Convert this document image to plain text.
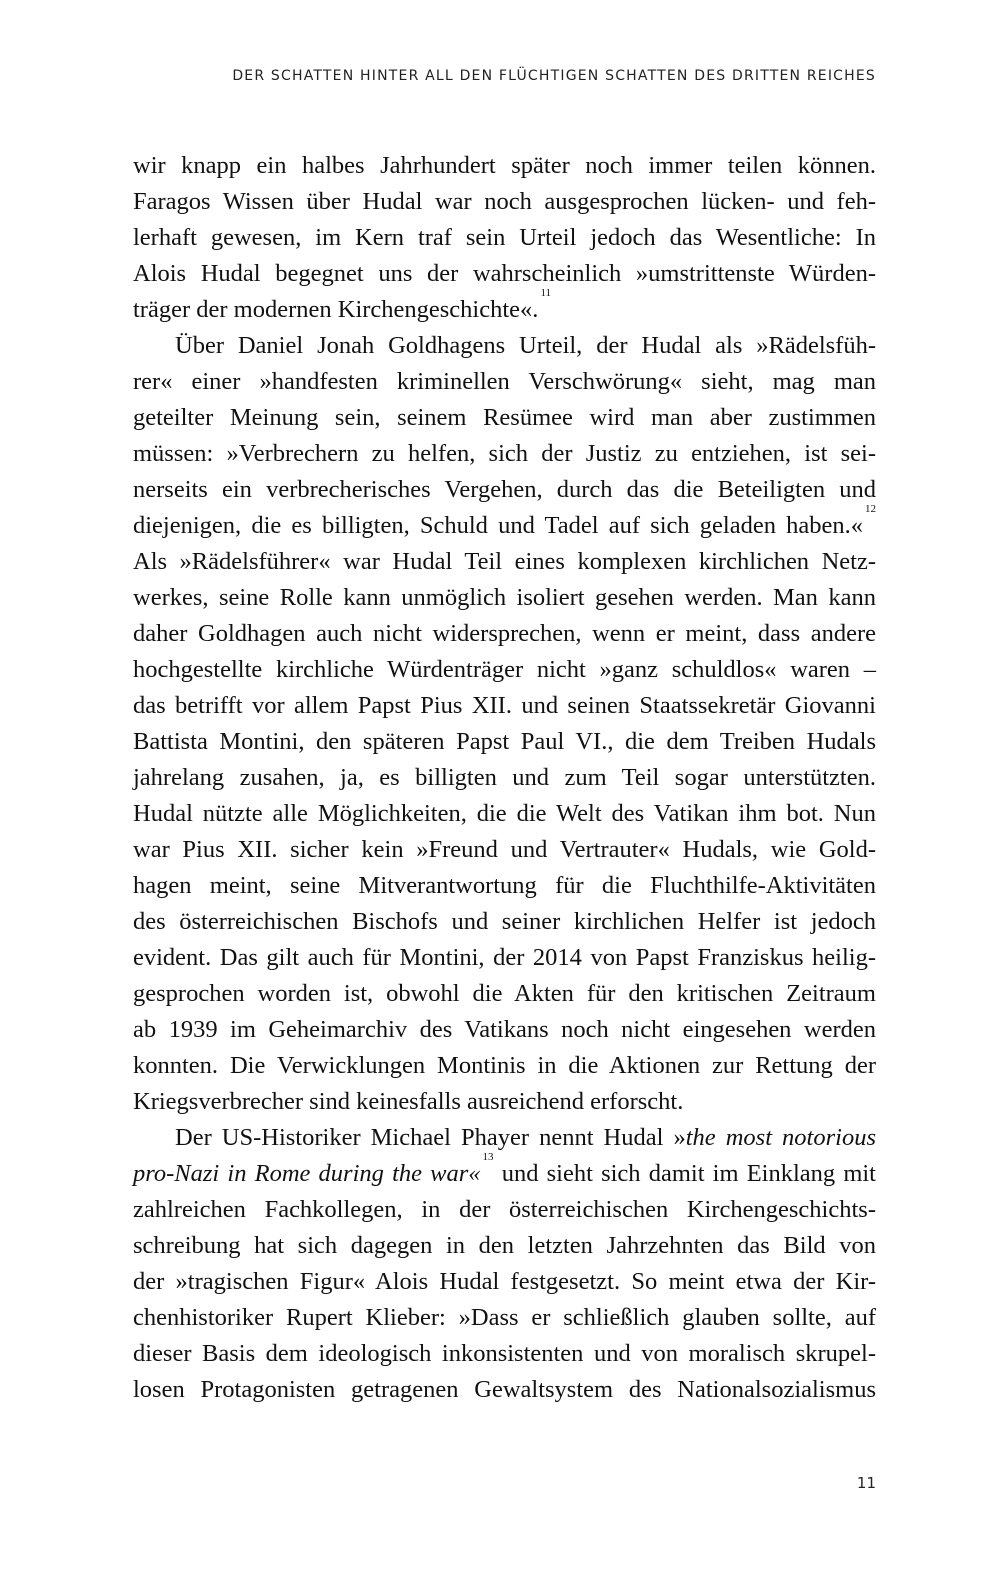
DER SCHATTEN HINTER ALL DEN FLÜCHTIGEN SCHATTEN DES DRITTEN REICHES
wir knapp ein halbes Jahrhundert später noch immer teilen können.
Faragos Wissen über Hudal war noch ausgesprochen lücken- und feh-
lerhaft gewesen, im Kern traf sein Urteil jedoch das Wesentliche: In
Alois Hudal begegnet uns der wahrscheinlich »umstrittenste Würden-
träger der modernen Kirchengeschichte«.$^{11}$
Über Daniel Jonah Goldhagens Urteil, der Hudal als »Rädelsfüh-
rer« einer »handfesten kriminellen Verschwörung« sieht, mag man
geteilter Meinung sein, seinem Resümee wird man aber zustimmen
müssen: »Verbrechern zu helfen, sich der Justiz zu entziehen, ist sei-
nerseits ein verbrecherisches Vergehen, durch das die Beteiligten und
diejenigen, die es billigten, Schuld und Tadel auf sich geladen haben.«$^{12}$
Als »Rädelsführer« war Hudal Teil eines komplexen kirchlichen Netz-
werkes, seine Rolle kann unmöglich isoliert gesehen werden. Man kann
daher Goldhagen auch nicht widersprechen, wenn er meint, dass andere
hochgestellte kirchliche Würdenträger nicht »ganz schuldlos« waren –
das betrifft vor allem Papst Pius XII. und seinen Staatssekretär Giovanni
Battista Montini, den späteren Papst Paul VI., die dem Treiben Hudals
jahrelang zusahen, ja, es billigten und zum Teil sogar unterstützten.
Hudal nützte alle Möglichkeiten, die die Welt des Vatikan ihm bot. Nun
war Pius XII. sicher kein »Freund und Vertrauter« Hudals, wie Gold-
hagen meint, seine Mitverantwortung für die Fluchthilfe-Aktivitäten
des österreichischen Bischofs und seiner kirchlichen Helfer ist jedoch
evident. Das gilt auch für Montini, der 2014 von Papst Franziskus heilig-
gesprochen worden ist, obwohl die Akten für den kritischen Zeitraum
ab 1939 im Geheimarchiv des Vatikans noch nicht eingesehen werden
konnten. Die Verwicklungen Montinis in die Aktionen zur Rettung der
Kriegsverbrecher sind keinesfalls ausreichend erforscht.
Der US-Historiker Michael Phayer nennt Hudal »the most notorious
pro-Nazi in Rome during the war«$^{13}$ und sieht sich damit im Einklang mit
zahlreichen Fachkollegen, in der österreichischen Kirchengeschichts-
schreibung hat sich dagegen in den letzten Jahrzehnten das Bild von
der »tragischen Figur« Alois Hudal festgesetzt. So meint etwa der Kir-
chenhistoriker Rupert Klieber: »Dass er schließlich glauben sollte, auf
dieser Basis dem ideologisch inkonsistenten und von moralisch skrupel-
losen Protagonisten getragenen Gewaltsystem des Nationalsozialismus
11
